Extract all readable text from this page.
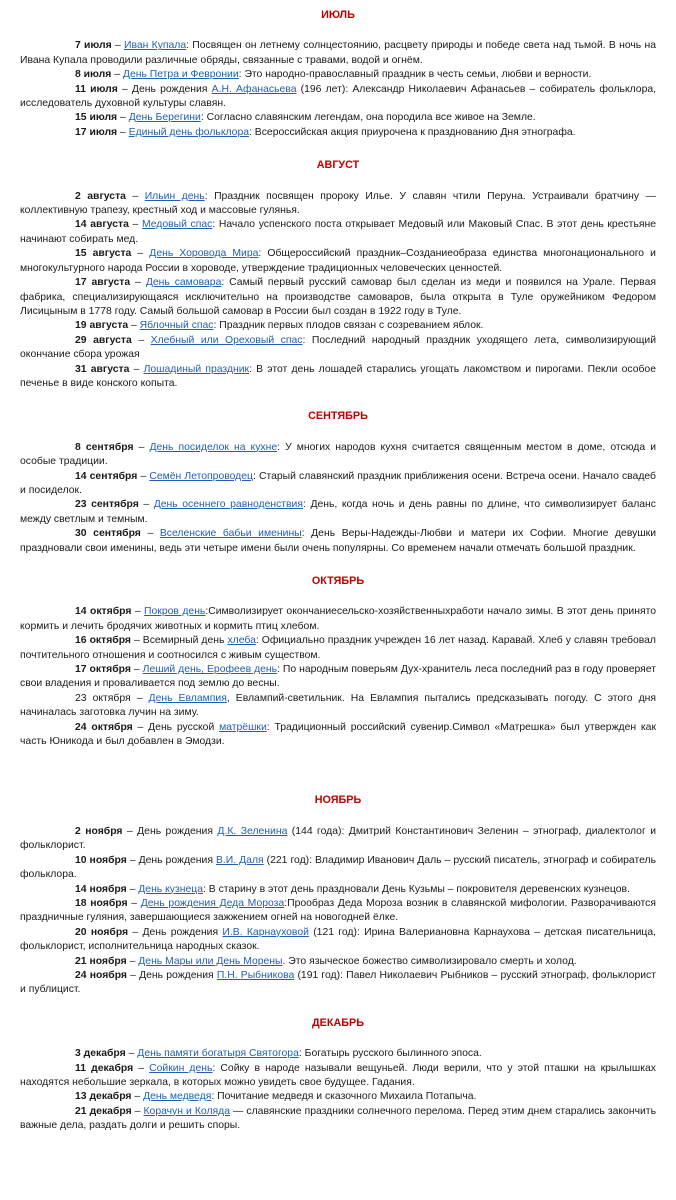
ИЮЛЬ
7 июля – Иван Купала: Посвящен он летнему солнцестоянию, расцвету природы и победе света над тьмой. В ночь на Ивана Купала проводили различные обряды, связанные с травами, водой и огнём.
8 июля – День Петра и Февронии: Это народно-православный праздник в честь семьи, любви и верности.
11 июля – День рождения А.Н. Афанасьева (196 лет): Александр Николаевич Афанасьев – собиратель фольклора, исследователь духовной культуры славян.
15 июля – День Берегини: Согласно славянским легендам, она породила все живое на Земле.
17 июля – Единый день фольклора: Всероссийская акция приурочена к празднованию Дня этнографа.
АВГУСТ
2 августа – Ильин день: Праздник посвящен пророку Илье. У славян чтили Перуна. Устраивали братчину — коллективную трапезу, крестный ход и массовые гулянья.
14 августа – Медовый спас: Начало успенского поста открывает Медовый или Маковый Спас. В этот день крестьяне начинают собирать мед.
15 августа – День Хоровода Мира: Общероссийский праздник–Созданиеобраза единства многонационального и многокультурного народа России в хороводе, утверждение традиционных человеческих ценностей.
17 августа – День самовара: Самый первый русский самовар был сделан из меди и появился на Урале. Первая фабрика, специализирующаяся исключительно на производстве самоваров, была открыта в Туле оружейником Федором Лисицыным в 1778 году. Самый большой самовар в России был создан в 1922 году в Туле.
19 августа – Яблочный спас: Праздник первых плодов связан с созреванием яблок.
29 августа – Хлебный или Ореховый спас: Последний народный праздник уходящего лета, символизирующий окончание сбора урожая
31 августа – Лошадиный праздник: В этот день лошадей старались угощать лакомством и пирогами. Пекли особое печенье в виде конского копыта.
СЕНТЯБРЬ
8 сентября – День посиделок на кухне: У многих народов кухня считается священным местом в доме, отсюда и особые традиции.
14 сентября – Семён Летопроводец: Старый славянский праздник приближения осени. Встреча осени. Начало свадеб и посиделок.
23 сентября – День осеннего равноденствия: День, когда ночь и день равны по длине, что символизирует баланс между светлым и темным.
30 сентября – Вселенские бабьи именины: День Веры-Надежды-Любви и матери их Софии. Многие девушки праздновали свои именины, ведь эти четыре имени были очень популярны. Со временем начали отмечать большой праздник.
ОКТЯБРЬ
14 октября – Покров день:Символизирует окончаниесельско-хозяйственныхработи начало зимы. В этот день принято кормить и лечить бродячих животных и кормить птиц хлебом.
16 октября – Всемирный день хлеба: Официально праздник учрежден 16 лет назад. Каравай. Хлеб у славян требовал почтительного отношения и соотносился с живым существом.
17 октября – Леший день, Ерофеев день: По народным поверьям Дух-хранитель леса последний раз в году проверяет свои владения и проваливается под землю до весны.
23 октября – День Евлампия, Евлампий-светильник. На Евлампия пытались предсказывать погоду. С этого дня начиналась заготовка лучин на зиму.
24 октября – День русской матрёшки: Традиционный российский сувенир.Символ «Матрешка» был утвержден как часть Юникода и был добавлен в Эмодзи.
НОЯБРЬ
2 ноября – День рождения Д.К. Зеленина (144 года): Дмитрий Константинович Зеленин – этнограф, диалектолог и фольклорист.
10 ноября – День рождения В.И. Даля (221 год): Владимир Иванович Даль – русский писатель, этнограф и собиратель фольклора.
14 ноября – День кузнеца: В старину в этот день праздновали День Кузьмы – покровителя деревенских кузнецов.
18 ноября – День рождения Деда Мороза:Прообраз Деда Мороза возник в славянской мифологии. Разворачиваются праздничные гуляния, завершающиеся зажжением огней на новогодней ёлке.
20 ноября – День рождения И.В. Карнауховой (121 год): Ирина Валериановна Карнаухова – детская писательница, фольклорист, исполнительница народных сказок.
21 ноября – День Мары или День Морены. Это языческое божество символизировало смерть и холод.
24 ноября – День рождения П.Н. Рыбникова (191 год): Павел Николаевич Рыбников – русский этнограф, фольклорист и публицист.
ДЕКАБРЬ
3 декабря – День памяти богатыря Святогора: Богатырь русского былинного эпоса.
11 декабря – Сойкин день: Сойку в народе называли вещуньей. Люди верили, что у этой пташки на крылышках находятся небольшие зеркала, в которых можно увидеть свое будущее. Гадания.
13 декабря – День медведя: Почитание медведя и сказочного Михаила Потапыча.
21 декабря – Корачун и Коляда — славянские праздники солнечного перелома. Перед этим днем старались закончить важные дела, раздать долги и решить споры.
